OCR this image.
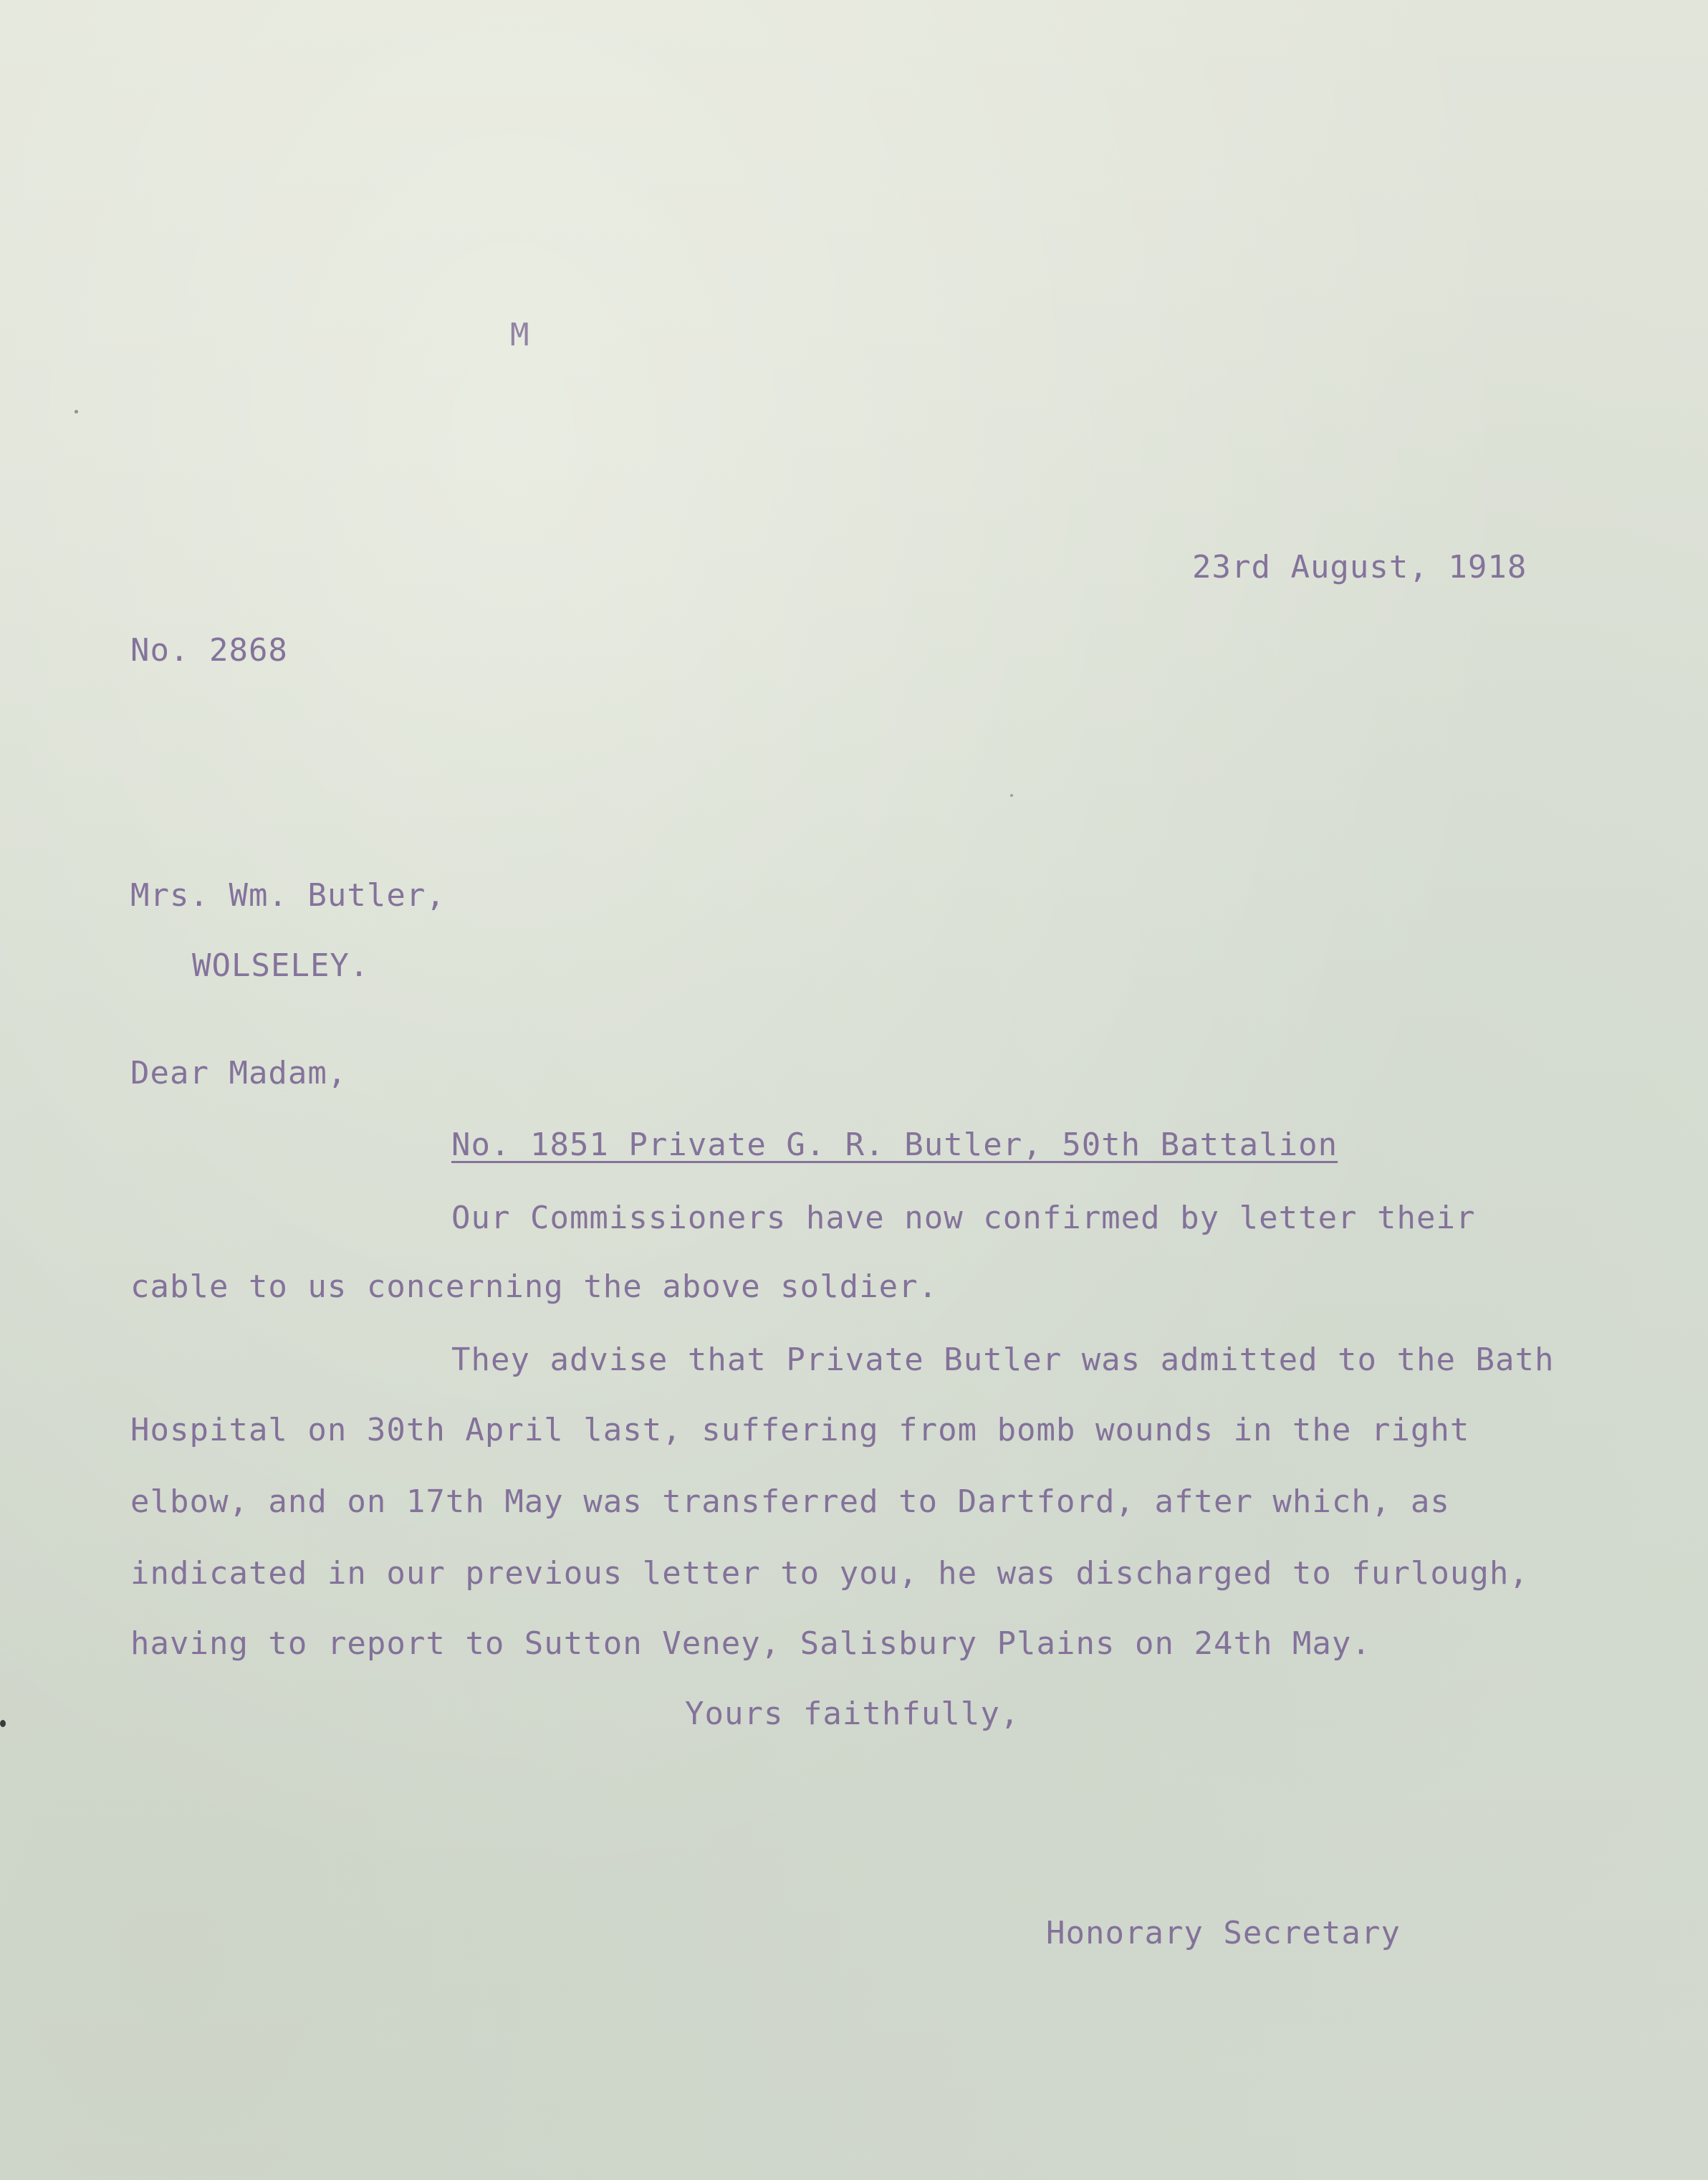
M
23rd August, 1918
No. 2868
Mrs. Wm. Butler,
WOLSELEY.
Dear Madam,
No. 1851 Private G. R. Butler, 50th Battalion
Our Commissioners have now confirmed by letter their
cable to us concerning the above soldier.
They advise that Private Butler was admitted to the Bath
Hospital on 30th April last, suffering from bomb wounds in the right
elbow, and on 17th May was transferred to Dartford, after which, as
indicated in our previous letter to you, he was discharged to furlough,
having to report to Sutton Veney, Salisbury Plains on 24th May.
Yours faithfully,
Honorary Secretary
